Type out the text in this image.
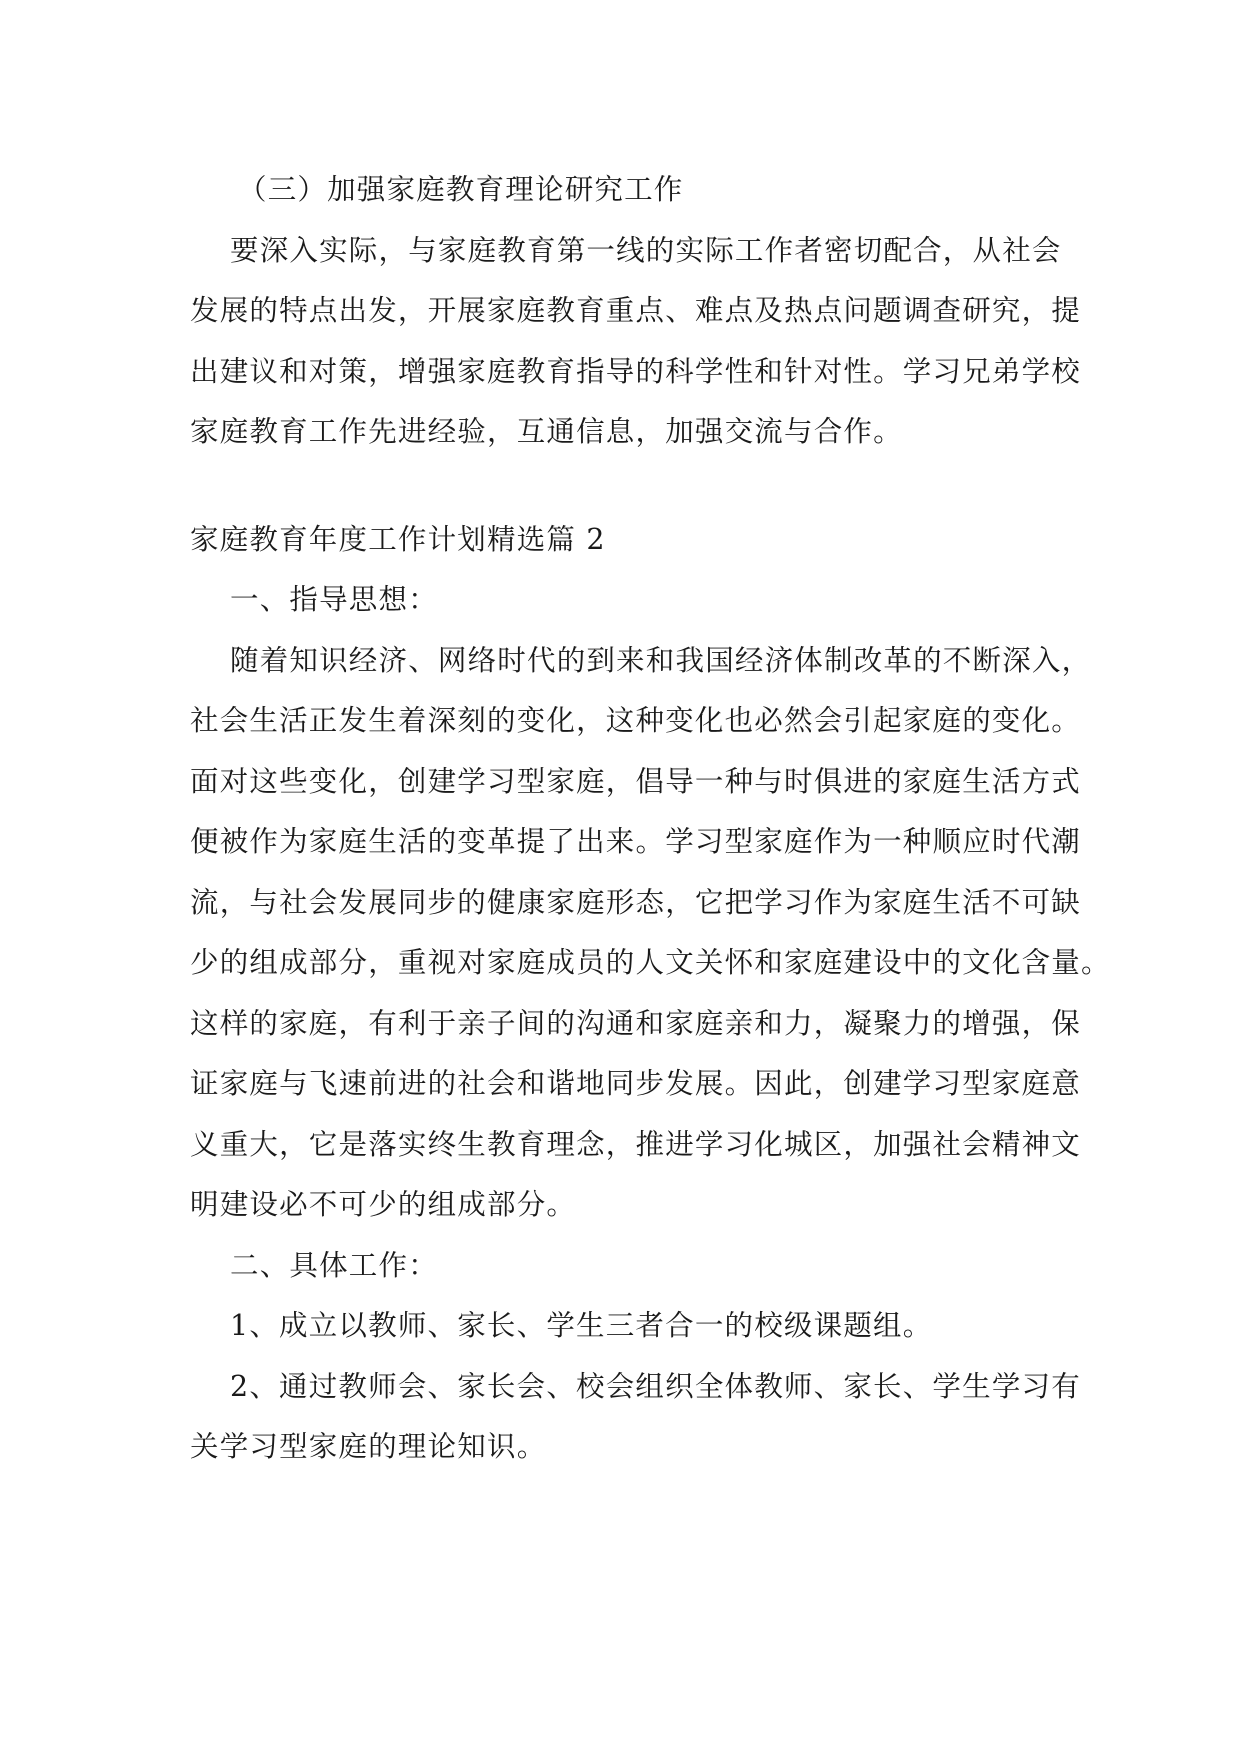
（三）加强家庭教育理论研究工作
要深入实际，与家庭教育第一线的实际工作者密切配合，从社会
发展的特点出发，开展家庭教育重点、难点及热点问题调查研究，提
出建议和对策，增强家庭教育指导的科学性和针对性。学习兄弟学校
家庭教育工作先进经验，互通信息，加强交流与合作。
家庭教育年度工作计划精选篇 2
一、指导思想：
随着知识经济、网络时代的到来和我国经济体制改革的不断深入，
社会生活正发生着深刻的变化，这种变化也必然会引起家庭的变化。
面对这些变化，创建学习型家庭，倡导一种与时俱进的家庭生活方式
便被作为家庭生活的变革提了出来。学习型家庭作为一种顺应时代潮
流，与社会发展同步的健康家庭形态，它把学习作为家庭生活不可缺
少的组成部分，重视对家庭成员的人文关怀和家庭建设中的文化含量。
这样的家庭，有利于亲子间的沟通和家庭亲和力，凝聚力的增强，保
证家庭与飞速前进的社会和谐地同步发展。因此，创建学习型家庭意
义重大，它是落实终生教育理念，推进学习化城区，加强社会精神文
明建设必不可少的组成部分。
二、具体工作：
1、成立以教师、家长、学生三者合一的校级课题组。
2、通过教师会、家长会、校会组织全体教师、家长、学生学习有
关学习型家庭的理论知识。
